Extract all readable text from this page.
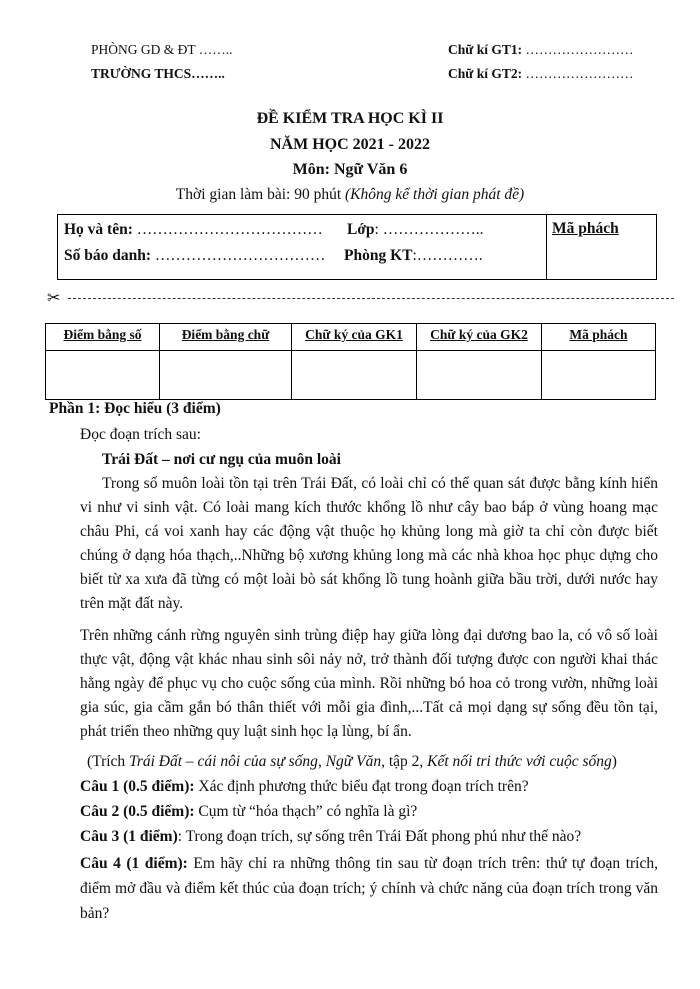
PHÒNG GD & ĐT ……..
TRƯỜNG THCS……..
Chữ kí GT1: ……………………
Chữ kí GT2: ……………………
ĐỀ KIỂM TRA HỌC KÌ II
NĂM HỌC 2021 - 2022
Môn: Ngữ Văn 6
Thời gian làm bài: 90 phút (Không kể thời gian phát đề)
Họ và tên: ……………………………… Lớp: ………………..
Số báo danh: …………………………… Phòng KT:………….
Mã phách
✂
Điểm bằng số	Điểm bằng chữ	Chữ ký của GK1	Chữ ký của GK2	Mã phách

Phần 1: Đọc hiểu (3 điểm)
Đọc đoạn trích sau:
Trái Đất – nơi cư ngụ của muôn loài
Trong số muôn loài tồn tại trên Trái Đất, có loài chỉ có thể quan sát được bằng kính hiển vi như vi sinh vật. Có loài mang kích thước khổng lồ như cây bao báp ở vùng hoang mạc châu Phi, cá voi xanh hay các động vật thuộc họ khủng long mà giờ ta chỉ còn được biết chúng ở dạng hóa thạch,..Những bộ xương khủng long mà các nhà khoa học phục dựng cho biết từ xa xưa đã từng có một loài bò sát khổng lồ tung hoành giữa bầu trời, dưới nước hay trên mặt đất này.
Trên những cánh rừng nguyên sinh trùng điệp hay giữa lòng đại dương bao la, có vô số loài thực vật, động vật khác nhau sinh sôi nảy nở, trở thành đối tượng được con người khai thác hằng ngày để phục vụ cho cuộc sống của mình. Rồi những bó hoa cỏ trong vườn, những loài gia súc, gia cầm gắn bó thân thiết với mỗi gia đình,...Tất cả mọi dạng sự sống đều tồn tại, phát triển theo những quy luật sinh học lạ lùng, bí ẩn.
(Trích Trái Đất – cái nôi của sự sống, Ngữ Văn, tập 2, Kết nối tri thức với cuộc sống)
Câu 1 (0.5 điểm): Xác định phương thức biểu đạt trong đoạn trích trên?
Câu 2 (0.5 điểm): Cụm từ “hóa thạch” có nghĩa là gì?
Câu 3 (1 điểm): Trong đoạn trích, sự sống trên Trái Đất phong phú như thế nào?
Câu 4 (1 điểm): Em hãy chỉ ra những thông tin sau từ đoạn trích trên: thứ tự đoạn trích, điểm mở đầu và điểm kết thúc của đoạn trích; ý chính và chức năng của đoạn trích trong văn bản?
